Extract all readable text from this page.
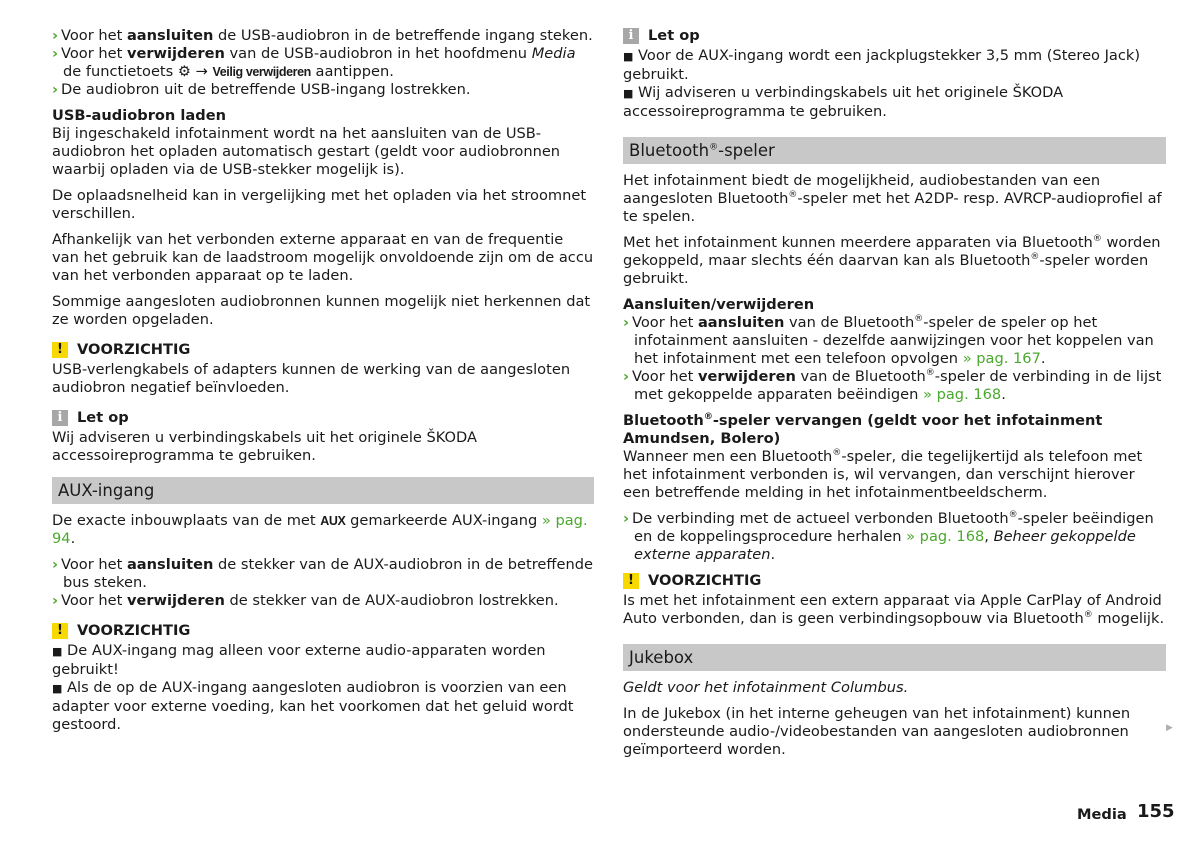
› Voor het aansluiten de USB-audiobron in de betreffende ingang steken.

› Voor het verwijderen van de USB-audiobron in het hoofdmenu Media de functietoets ⚙ → Veilig verwijderen aantippen.

› De audiobron uit de betreffende USB-ingang lostrekken.

USB-audiobron laden

Bij ingeschakeld infotainment wordt na het aansluiten van de USB-audiobron het opladen automatisch gestart (geldt voor audiobronnen waarbij opladen via de USB-stekker mogelijk is).

De oplaadsnelheid kan in vergelijking met het opladen via het stroomnet verschillen.

Afhankelijk van het verbonden externe apparaat en van de frequentie van het gebruik kan de laadstroom mogelijk onvoldoende zijn om de accu van het verbonden apparaat op te laden.

Sommige aangesloten audiobronnen kunnen mogelijk niet herkennen dat ze worden opgeladen.

! VOORZICHTIG

USB-verlengkabels of adapters kunnen de werking van de aangesloten audiobron negatief beïnvloeden.

i Let op

Wij adviseren u verbindingskabels uit het originele ŠKODA accessoireprogramma te gebruiken.

AUX-ingang

De exacte inbouwplaats van de met AUX gemarkeerde AUX-ingang » pag. 94.

› Voor het aansluiten de stekker van de AUX-audiobron in de betreffende bus steken.

› Voor het verwijderen de stekker van de AUX-audiobron lostrekken.

! VOORZICHTIG

■ De AUX-ingang mag alleen voor externe audio-apparaten worden gebruikt!

■ Als de op de AUX-ingang aangesloten audiobron is voorzien van een adapter voor externe voeding, kan het voorkomen dat het geluid wordt gestoord.

i Let op

■ Voor de AUX-ingang wordt een jackplugstekker 3,5 mm (Stereo Jack) gebruikt.

■ Wij adviseren u verbindingskabels uit het originele ŠKODA accessoireprogramma te gebruiken.

Bluetooth®-speler

Het infotainment biedt de mogelijkheid, audiobestanden van een aangesloten Bluetooth®-speler met het A2DP- resp. AVRCP-audioprofiel af te spelen.

Met het infotainment kunnen meerdere apparaten via Bluetooth® worden gekoppeld, maar slechts één daarvan kan als Bluetooth®-speler worden gebruikt.

Aansluiten/verwijderen

› Voor het aansluiten van de Bluetooth®-speler de speler op het infotainment aansluiten - dezelfde aanwijzingen voor het koppelen van het infotainment met een telefoon opvolgen » pag. 167.

› Voor het verwijderen van de Bluetooth®-speler de verbinding in de lijst met gekoppelde apparaten beëindigen » pag. 168.

Bluetooth®-speler vervangen (geldt voor het infotainment Amundsen, Bolero)

Wanneer men een Bluetooth®-speler, die tegelijkertijd als telefoon met het infotainment verbonden is, wil vervangen, dan verschijnt hierover een betreffende melding in het infotainmentbeeldscherm.

› De verbinding met de actueel verbonden Bluetooth®-speler beëindigen en de koppelingsprocedure herhalen » pag. 168, Beheer gekoppelde externe apparaten.

! VOORZICHTIG

Is met het infotainment een extern apparaat via Apple CarPlay of Android Auto verbonden, dan is geen verbindingsopbouw via Bluetooth® mogelijk.

Jukebox

Geldt voor het infotainment Columbus.

In de Jukebox (in het interne geheugen van het infotainment) kunnen ondersteunde audio-/videobestanden van aangesloten audiobronnen geïmporteerd worden.

▶
Media 155
